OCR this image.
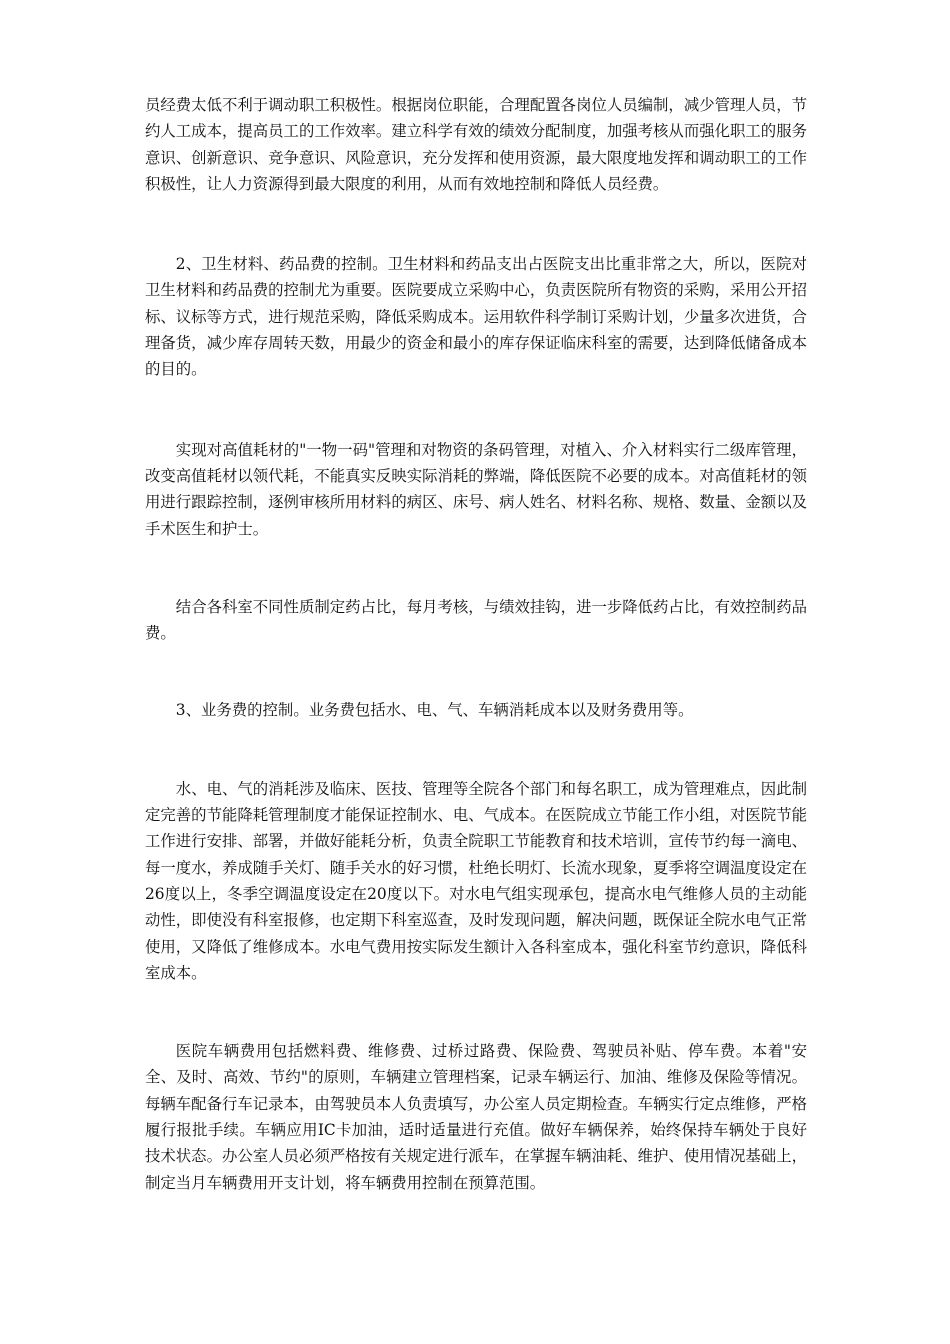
员经费太低不利于调动职工积极性。根据岗位职能，合理配置各岗位人员编制，减少管理人员，节约人工成本，提高员工的工作效率。建立科学有效的绩效分配制度，加强考核从而强化职工的服务意识、创新意识、竞争意识、风险意识，充分发挥和使用资源，最大限度地发挥和调动职工的工作积极性，让人力资源得到最大限度的利用，从而有效地控制和降低人员经费。

2、卫生材料、药品费的控制。卫生材料和药品支出占医院支出比重非常之大，所以，医院对卫生材料和药品费的控制尤为重要。医院要成立采购中心，负责医院所有物资的采购，采用公开招标、议标等方式，进行规范采购，降低采购成本。运用软件科学制订采购计划，少量多次进货，合理备货，减少库存周转天数，用最少的资金和最小的库存保证临床科室的需要，达到降低储备成本的目的。

实现对高值耗材的"一物一码"管理和对物资的条码管理，对植入、介入材料实行二级库管理，改变高值耗材以领代耗，不能真实反映实际消耗的弊端，降低医院不必要的成本。对高值耗材的领用进行跟踪控制，逐例审核所用材料的病区、床号、病人姓名、材料名称、规格、数量、金额以及手术医生和护士。

结合各科室不同性质制定药占比，每月考核，与绩效挂钩，进一步降低药占比，有效控制药品费。

3、业务费的控制。业务费包括水、电、气、车辆消耗成本以及财务费用等。

水、电、气的消耗涉及临床、医技、管理等全院各个部门和每名职工，成为管理难点，因此制定完善的节能降耗管理制度才能保证控制水、电、气成本。在医院成立节能工作小组，对医院节能工作进行安排、部署，并做好能耗分析，负责全院职工节能教育和技术培训，宣传节约每一滴电、每一度水，养成随手关灯、随手关水的好习惯，杜绝长明灯、长流水现象，夏季将空调温度设定在26度以上，冬季空调温度设定在20度以下。对水电气组实现承包，提高水电气维修人员的主动能动性，即使没有科室报修，也定期下科室巡查，及时发现问题，解决问题，既保证全院水电气正常使用，又降低了维修成本。水电气费用按实际发生额计入各科室成本，强化科室节约意识，降低科室成本。

医院车辆费用包括燃料费、维修费、过桥过路费、保险费、驾驶员补贴、停车费。本着"安全、及时、高效、节约"的原则，车辆建立管理档案，记录车辆运行、加油、维修及保险等情况。每辆车配备行车记录本，由驾驶员本人负责填写，办公室人员定期检查。车辆实行定点维修，严格履行报批手续。车辆应用IC卡加油，适时适量进行充值。做好车辆保养，始终保持车辆处于良好技术状态。办公室人员必须严格按有关规定进行派车，在掌握车辆油耗、维护、使用情况基础上，制定当月车辆费用开支计划，将车辆费用控制在预算范围。
